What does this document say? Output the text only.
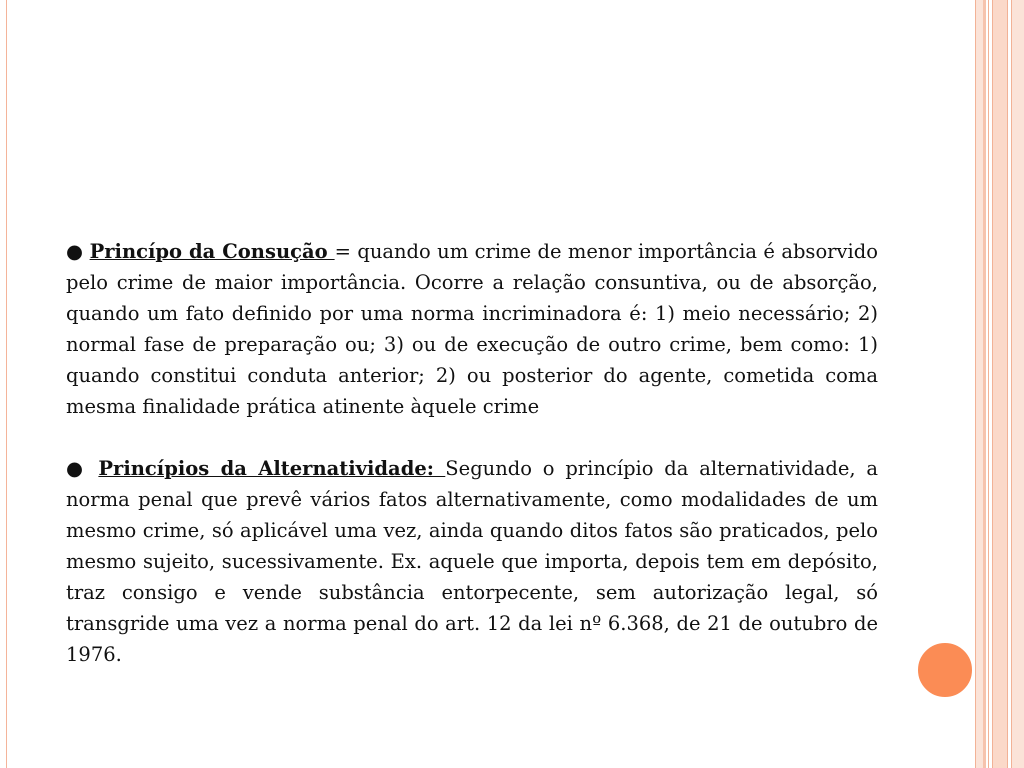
● Princípo da Consução = quando um crime de menor importância é absorvido pelo crime de maior importância. Ocorre a relação consuntiva, ou de absorção, quando um fato definido por uma norma incriminadora é: 1) meio necessário; 2) normal fase de preparação ou; 3) ou de execução de outro crime, bem como: 1) quando constitui conduta anterior; 2) ou posterior do agente, cometida coma mesma finalidade prática atinente àquele crime

● Princípios da Alternatividade: Segundo o princípio da alternatividade, a norma penal que prevê vários fatos alternativamente, como modalidades de um mesmo crime, só aplicável uma vez, ainda quando ditos fatos são praticados, pelo mesmo sujeito, sucessivamente. Ex. aquele que importa, depois tem em depósito, traz consigo e vende substância entorpecente, sem autorização legal, só transgride uma vez a norma penal do art. 12 da lei nº 6.368, de 21 de outubro de 1976.
